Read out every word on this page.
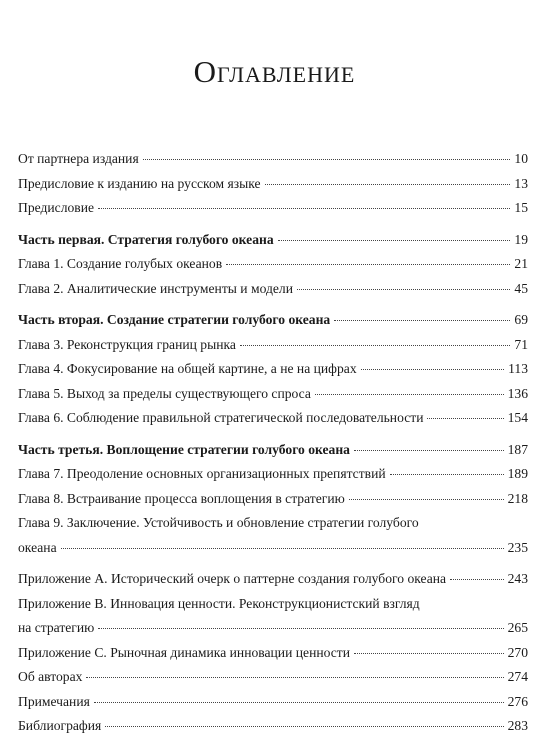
Оглавление
От партнера издания	10
Предисловие к изданию на русском языке	13
Предисловие	15
Часть первая. Стратегия голубого океана	19
Глава 1. Создание голубых океанов	21
Глава 2. Аналитические инструменты и модели	45
Часть вторая. Создание стратегии голубого океана	69
Глава 3. Реконструкция границ рынка	71
Глава 4. Фокусирование на общей картине, а не на цифрах	113
Глава 5. Выход за пределы существующего спроса	136
Глава 6. Соблюдение правильной стратегической последовательности	154
Часть третья. Воплощение стратегии голубого океана	187
Глава 7. Преодоление основных организационных препятствий	189
Глава 8. Встраивание процесса воплощения в стратегию	218
Глава 9. Заключение. Устойчивость и обновление стратегии голубого
океана	235
Приложение A. Исторический очерк о паттерне создания голубого океана	243
Приложение B. Инновация ценности. Реконструкционистский взгляд
на стратегию	265
Приложение C. Рыночная динамика инновации ценности	270
Об авторах	274
Примечания	276
Библиография	283
